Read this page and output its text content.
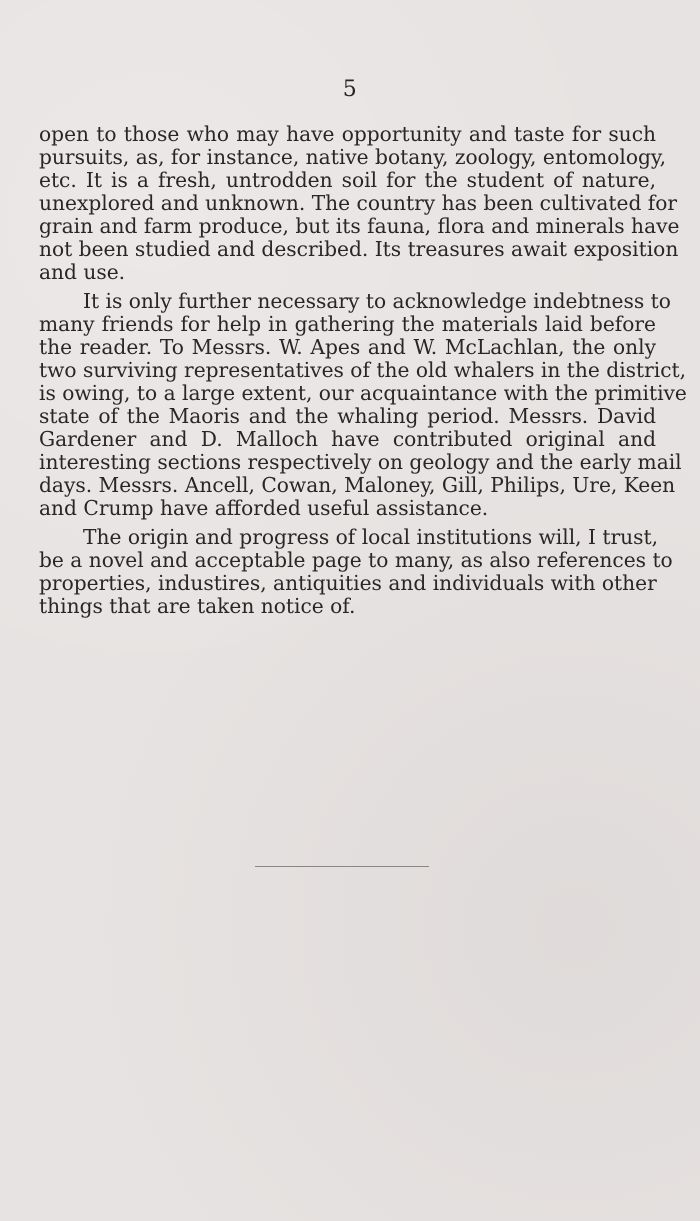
5
open to those who may have opportunity and taste for such
pursuits, as, for instance, native botany, zoology, entomology,
etc. It is a fresh, untrodden soil for the student of nature,
unexplored and unknown. The country has been cultivated for
grain and farm produce, but its fauna, flora and minerals have
not been studied and described. Its treasures await exposition
and use.
It is only further necessary to acknowledge indebtness to
many friends for help in gathering the materials laid before
the reader. To Messrs. W. Apes and W. McLachlan, the only
two surviving representatives of the old whalers in the district,
is owing, to a large extent, our acquaintance with the primitive
state of the Maoris and the whaling period. Messrs. David
Gardener and D. Malloch have contributed original and
interesting sections respectively on geology and the early mail
days. Messrs. Ancell, Cowan, Maloney, Gill, Philips, Ure, Keen
and Crump have afforded useful assistance.
The origin and progress of local institutions will, I trust,
be a novel and acceptable page to many, as also references to
properties, industires, antiquities and individuals with other
things that are taken notice of.
